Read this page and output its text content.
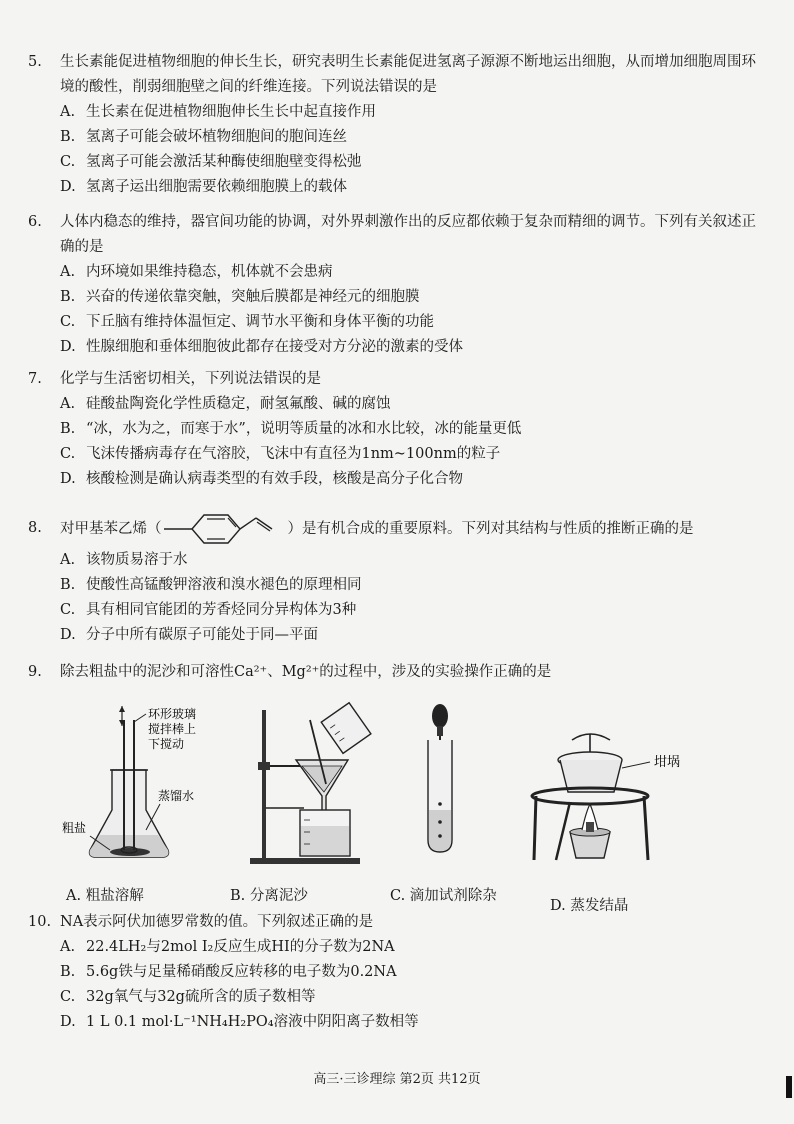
5.	生长素能促进植物细胞的伸长生长，研究表明生长素能促进氢离子源源不断地运出细胞，从而增加细胞周围环境的酸性，削弱细胞壁之间的纤维连接。下列说法错误的是
A. 生长素在促进植物细胞伸长生长中起直接作用
B. 氢离子可能会破坏植物细胞间的胞间连丝
C. 氢离子可能会激活某种酶使细胞壁变得松弛
D. 氢离子运出细胞需要依赖细胞膜上的载体
6.	人体内稳态的维持，器官间功能的协调，对外界刺激作出的反应都依赖于复杂而精细的调节。下列有关叙述正确的是
A. 内环境如果维持稳态，机体就不会患病
B. 兴奋的传递依靠突触，突触后膜都是神经元的细胞膜
C. 下丘脑有维持体温恒定、调节水平衡和身体平衡的功能
D. 性腺细胞和垂体细胞彼此都存在接受对方分泌的激素的受体
7.	化学与生活密切相关，下列说法错误的是
A. 硅酸盐陶瓷化学性质稳定，耐氢氟酸、碱的腐蚀
B. “冰，水为之，而寒于水”，说明等质量的冰和水比较，冰的能量更低
C. 飞沫传播病毒存在气溶胶，飞沫中有直径为1nm~100nm的粒子
D. 核酸检测是确认病毒类型的有效手段，核酸是高分子化合物
8.	对甲基苯乙烯（	）是有机合成的重要原料。下列对其结构与性质的推断正确的是
A. 该物质易溶于水
B. 使酸性高锰酸钾溶液和溴水褪色的原理相同
C. 具有相同官能团的芳香烃同分异构体为3种
D. 分子中所有碳原子可能处于同—平面
9.	除去粗盐中的泥沙和可溶性Ca²⁺、Mg²⁺的过程中，涉及的实验操作正确的是
环形玻璃
搅拌棒上
下搅动
蒸馏水
粗盐
坩埚
A. 粗盐溶解	B. 分离泥沙	C. 滴加试剂除杂
D. 蒸发结晶
10. NA表示阿伏加德罗常数的值。下列叙述正确的是
A. 22.4LH₂与2mol I₂反应生成HI的分子数为2NA
B. 5.6g铁与足量稀硝酸反应转移的电子数为0.2NA
C. 32g氧气与32g硫所含的质子数相等
D. 1 L 0.1 mol·L⁻¹NH₄H₂PO₄溶液中阴阳离子数相等
高三·三诊理综 第2页 共12页
